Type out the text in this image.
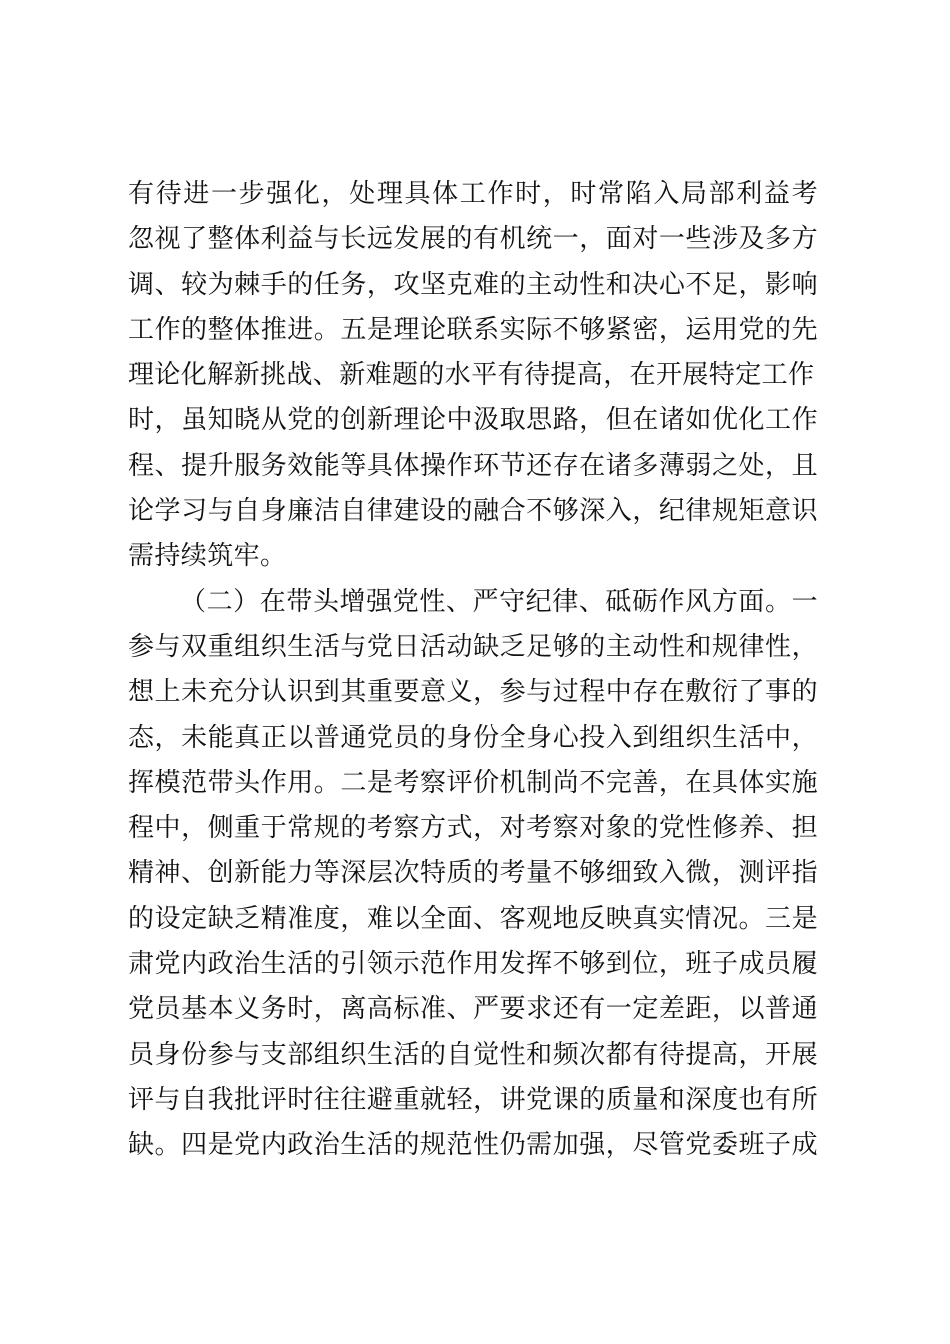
有待进一步强化，处理具体工作时，时常陷入局部利益考
忽视了整体利益与长远发展的有机统一，面对一些涉及多方
调、较为棘手的任务，攻坚克难的主动性和决心不足，影响
工作的整体推进。五是理论联系实际不够紧密，运用党的先
理论化解新挑战、新难题的水平有待提高，在开展特定工作
时，虽知晓从党的创新理论中汲取思路，但在诸如优化工作
程、提升服务效能等具体操作环节还存在诸多薄弱之处，且
论学习与自身廉洁自律建设的融合不够深入，纪律规矩意识
需持续筑牢。
（二）在带头增强党性、严守纪律、砥砺作风方面。一
参与双重组织生活与党日活动缺乏足够的主动性和规律性，
想上未充分认识到其重要意义，参与过程中存在敷衍了事的
态，未能真正以普通党员的身份全身心投入到组织生活中，
挥模范带头作用。二是考察评价机制尚不完善，在具体实施
程中，侧重于常规的考察方式，对考察对象的党性修养、担
精神、创新能力等深层次特质的考量不够细致入微，测评指
的设定缺乏精准度，难以全面、客观地反映真实情况。三是
肃党内政治生活的引领示范作用发挥不够到位，班子成员履
党员基本义务时，离高标准、严要求还有一定差距，以普通
员身份参与支部组织生活的自觉性和频次都有待提高，开展
评与自我批评时往往避重就轻，讲党课的质量和深度也有所
缺。四是党内政治生活的规范性仍需加强，尽管党委班子成
